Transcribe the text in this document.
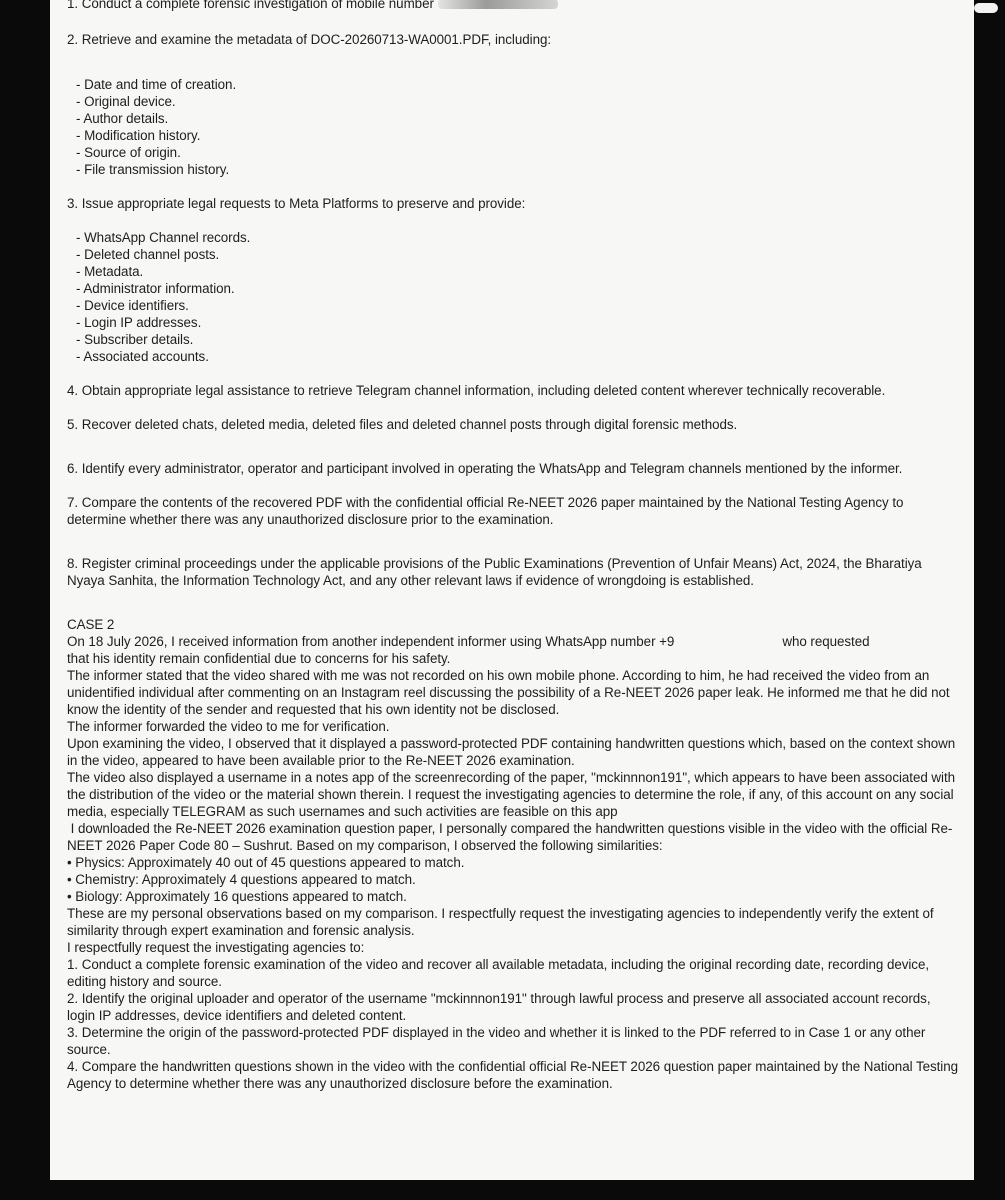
1. Conduct a complete forensic investigation of mobile number

2. Retrieve and examine the metadata of DOC-20260713-WA0001.PDF, including:

- Date and time of creation.

- Original device.

- Author details.

- Modification history.

- Source of origin.

- File transmission history.

3. Issue appropriate legal requests to Meta Platforms to preserve and provide:

- WhatsApp Channel records.

- Deleted channel posts.

- Metadata.

- Administrator information.

- Device identifiers.

- Login IP addresses.

- Subscriber details.

- Associated accounts.

4. Obtain appropriate legal assistance to retrieve Telegram channel information, including deleted content wherever technically recoverable.

5. Recover deleted chats, deleted media, deleted files and deleted channel posts through digital forensic methods.

6. Identify every administrator, operator and participant involved in operating the WhatsApp and Telegram channels mentioned by the informer.

7. Compare the contents of the recovered PDF with the confidential official Re-NEET 2026 paper maintained by the National Testing Agency to determine whether there was any unauthorized disclosure prior to the examination.

8. Register criminal proceedings under the applicable provisions of the Public Examinations (Prevention of Unfair Means) Act, 2024, the Bharatiya Nyaya Sanhita, the Information Technology Act, and any other relevant laws if evidence of wrongdoing is established.

CASE 2

On 18 July 2026, I received information from another independent informer using WhatsApp number +9	who requested
that his identity remain confidential due to concerns for his safety.

The informer stated that the video shared with me was not recorded on his own mobile phone. According to him, he had received the video from an unidentified individual after commenting on an Instagram reel discussing the possibility of a Re-NEET 2026 paper leak. He informed me that he did not know the identity of the sender and requested that his own identity not be disclosed.

The informer forwarded the video to me for verification.

Upon examining the video, I observed that it displayed a password-protected PDF containing handwritten questions which, based on the context shown in the video, appeared to have been available prior to the Re-NEET 2026 examination.

The video also displayed a username in a notes app of the screenrecording of the paper, "mckinnnon191", which appears to have been associated with the distribution of the video or the material shown therein. I request the investigating agencies to determine the role, if any, of this account on any social media, especially TELEGRAM as such usernames and such activities are feasible on this app

I downloaded the Re-NEET 2026 examination question paper, I personally compared the handwritten questions visible in the video with the official Re-NEET 2026 Paper Code 80 – Sushrut. Based on my comparison, I observed the following similarities:

• Physics: Approximately 40 out of 45 questions appeared to match.

• Chemistry: Approximately 4 questions appeared to match.

• Biology: Approximately 16 questions appeared to match.

These are my personal observations based on my comparison. I respectfully request the investigating agencies to independently verify the extent of similarity through expert examination and forensic analysis.

I respectfully request the investigating agencies to:

1. Conduct a complete forensic examination of the video and recover all available metadata, including the original recording date, recording device, editing history and source.

2. Identify the original uploader and operator of the username "mckinnnon191" through lawful process and preserve all associated account records, login IP addresses, device identifiers and deleted content.

3. Determine the origin of the password-protected PDF displayed in the video and whether it is linked to the PDF referred to in Case 1 or any other source.

4. Compare the handwritten questions shown in the video with the confidential official Re-NEET 2026 question paper maintained by the National Testing Agency to determine whether there was any unauthorized disclosure before the examination.
